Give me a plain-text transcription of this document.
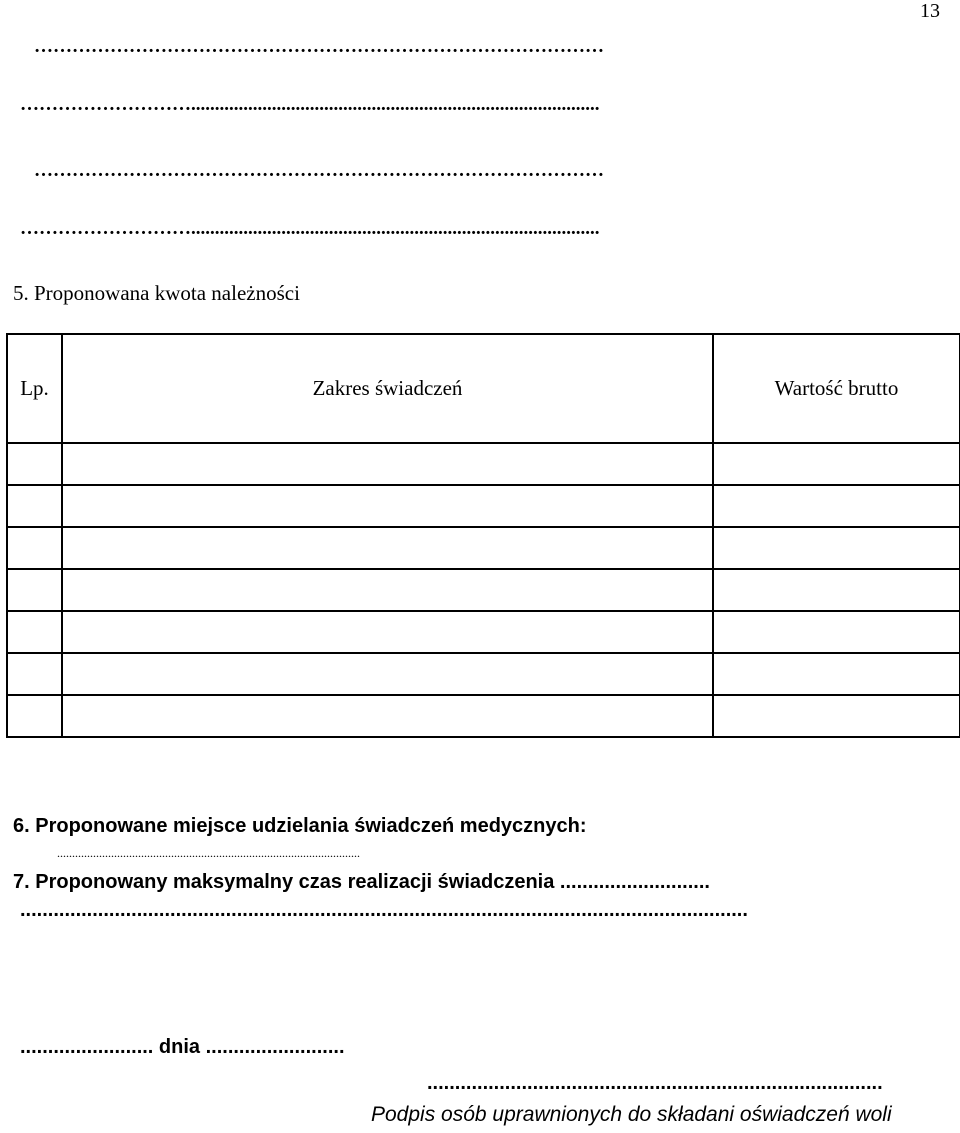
13
………………………………………………………………………………
………………………......................................................................................
………………………………………………………………………………
………………………......................................................................................
5. Proponowana kwota należności
Lp.	Zakres świadczeń	Wartość brutto

6. Proponowane miejsce udzielania świadczeń medycznych:
.....................................................................................................
7. Proponowany maksymalny czas realizacji świadczenia ...........................
...................................................................................................................................
........................ dnia .........................
..................................................................................
Podpis osób uprawnionych do składani oświadczeń woli
